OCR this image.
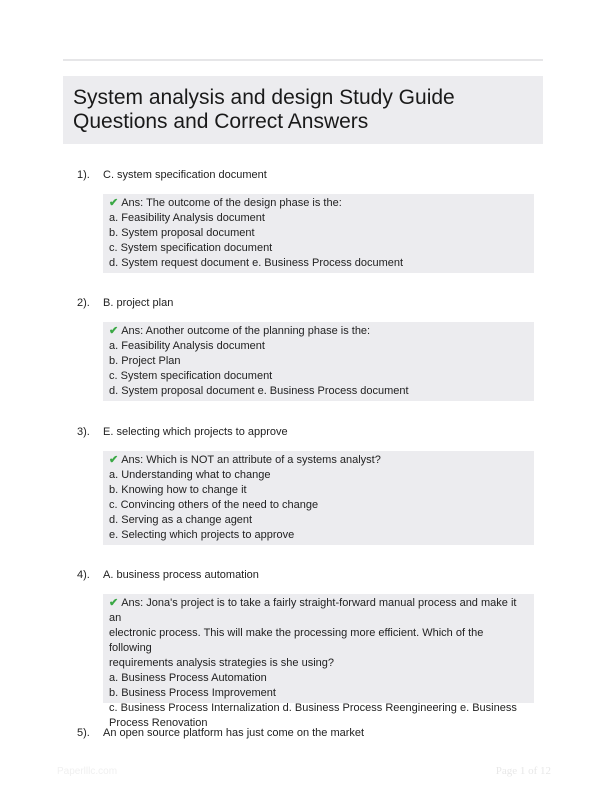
System analysis and design Study Guide
Questions and Correct Answers
1). C. system specification document
✔ Ans: The outcome of the design phase is the:
a. Feasibility Analysis document
b. System proposal document
c. System specification document
d. System request document e. Business Process document
2). B. project plan
✔ Ans: Another outcome of the planning phase is the:
a. Feasibility Analysis document
b. Project Plan
c. System specification document
d. System proposal document e. Business Process document
3). E. selecting which projects to approve
✔ Ans: Which is NOT an attribute of a systems analyst?
a. Understanding what to change
b. Knowing how to change it
c. Convincing others of the need to change
d. Serving as a change agent
e. Selecting which projects to approve
4). A. business process automation
✔ Ans: Jona's project is to take a fairly straight-forward manual process and make it an
electronic process. This will make the processing more efficient. Which of the following
requirements analysis strategies is she using?
a. Business Process Automation
b. Business Process Improvement
c. Business Process Internalization d. Business Process Reengineering e. Business
Process Renovation
5). An open source platform has just come on the market
Paperlllc.com	Page 1 of 12
